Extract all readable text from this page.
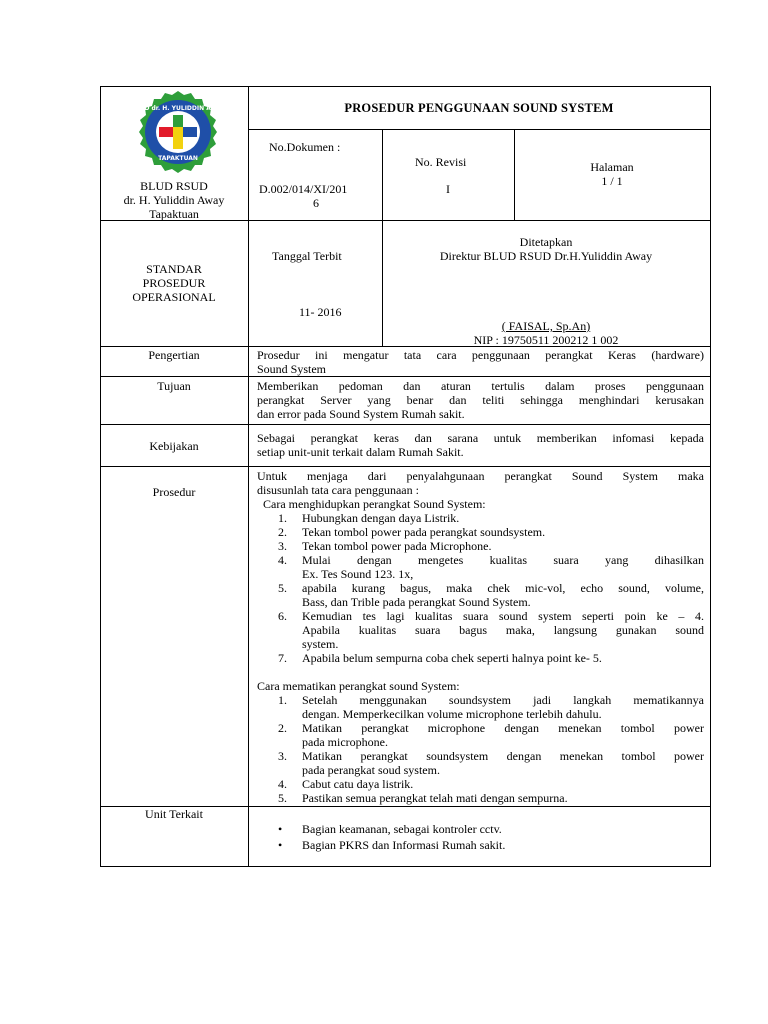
RSUD dr. H. YULIDDIN AWAY
TAPAKTUAN
BLUD RSUD
dr. H. Yuliddin Away
Tapaktuan
PROSEDUR PENGGUNAAN SOUND SYSTEM
No.Dokumen :
D.002/014/XI/201
6
No. Revisi
I
Halaman
1 / 1
STANDAR
PROSEDUR
OPERASIONAL
Tanggal Terbit
11- 2016
Ditetapkan
Direktur BLUD RSUD Dr.H.Yuliddin Away
( FAISAL, Sp.An)
NIP : 19750511 200212 1 002
Pengertian	Prosedur ini mengatur tata cara penggunaan perangkat Keras (hardware)
Sound System
Tujuan	Memberikan pedoman dan aturan tertulis dalam proses penggunaan
perangkat Server yang benar dan teliti sehingga menghindari kerusakan
dan error pada Sound System Rumah sakit.
Kebijakan
Sebagai perangkat keras dan sarana untuk memberikan infomasi kepada
setiap unit-unit terkait dalam Rumah Sakit.
Prosedur
Untuk menjaga dari penyalahgunaan perangkat Sound System maka
disusunlah tata cara penggunaan :
Cara menghidupkan perangkat Sound System:
1. Hubungkan dengan daya Listrik.
2. Tekan tombol power pada perangkat soundsystem.
3. Tekan tombol power pada Microphone.
4. Mulai dengan mengetes kualitas suara yang dihasilkan
Ex. Tes Sound 123. 1x,
5. apabila kurang bagus, maka chek mic-vol, echo sound, volume,
Bass, dan Trible pada perangkat Sound System.
6. Kemudian tes lagi kualitas suara sound system seperti poin ke – 4.
Apabila kualitas suara bagus maka, langsung gunakan sound
system.
7. Apabila belum sempurna coba chek seperti halnya point ke- 5.
Cara mematikan perangkat sound System:
1. Setelah menggunakan soundsystem jadi langkah mematikannya
dengan. Memperkecilkan volume microphone terlebih dahulu.
2. Matikan perangkat microphone dengan menekan tombol power
pada microphone.
3. Matikan perangkat soundsystem dengan menekan tombol power
pada perangkat soud system.
4. Cabut catu daya listrik.
5. Pastikan semua perangkat telah mati dengan sempurna.
Unit Terkait
• Bagian keamanan, sebagai kontroler cctv.
• Bagian PKRS dan Informasi Rumah sakit.
